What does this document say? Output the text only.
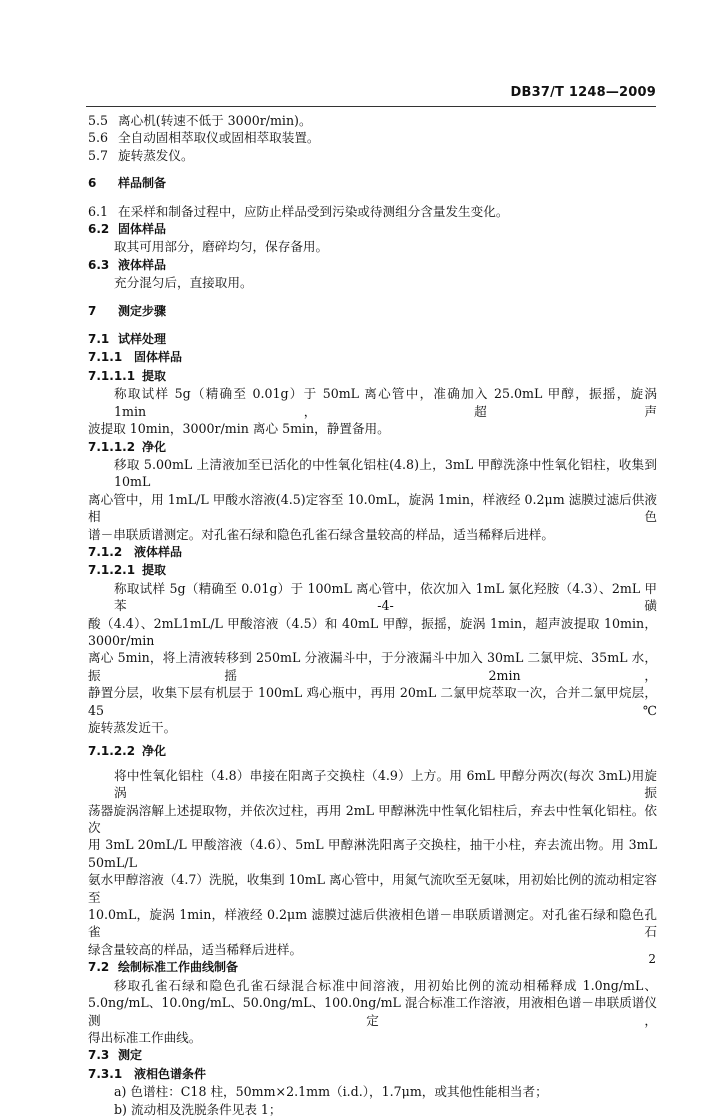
DB37/T 1248—2009
5.5 离心机(转速不低于 3000r/min)。
5.6 全自动固相萃取仪或固相萃取装置。
5.7 旋转蒸发仪。
6 样品制备
6.1 在采样和制备过程中，应防止样品受到污染或待测组分含量发生变化。
6.2 固体样品
取其可用部分，磨碎均匀，保存备用。
6.3 液体样品
充分混匀后，直接取用。
7 测定步骤
7.1 试样处理
7.1.1 固体样品
7.1.1.1 提取
称取试样 5g（精确至 0.01g）于 50mL 离心管中，准确加入 25.0mL 甲醇，振摇，旋涡 1min，超声
波提取 10min，3000r/min 离心 5min，静置备用。
7.1.1.2 净化
移取 5.00mL 上清液加至已活化的中性氧化铝柱(4.8)上，3mL 甲醇洗涤中性氧化铝柱，收集到 10mL
离心管中，用 1mL/L 甲酸水溶液(4.5)定容至 10.0mL，旋涡 1min，样液经 0.2μm 滤膜过滤后供液相色
谱－串联质谱测定。对孔雀石绿和隐色孔雀石绿含量较高的样品，适当稀释后进样。
7.1.2 液体样品
7.1.2.1 提取
称取试样 5g（精确至 0.01g）于 100mL 离心管中，依次加入 1mL 氯化羟胺（4.3）、2mL 甲苯-4-磺
酸（4.4）、2mL1mL/L 甲酸溶液（4.5）和 40mL 甲醇，振摇，旋涡 1min，超声波提取 10min，3000r/min
离心 5min，将上清液转移到 250mL 分液漏斗中，于分液漏斗中加入 30mL 二氯甲烷、35mL 水，振摇 2min，
静置分层，收集下层有机层于 100mL 鸡心瓶中，再用 20mL 二氯甲烷萃取一次，合并二氯甲烷层，45℃
旋转蒸发近干。
7.1.2.2 净化
将中性氧化铝柱（4.8）串接在阳离子交换柱（4.9）上方。用 6mL 甲醇分两次(每次 3mL)用旋涡振
荡器旋涡溶解上述提取物，并依次过柱，再用 2mL 甲醇淋洗中性氧化铝柱后，弃去中性氧化铝柱。依次
用 3mL 20mL/L 甲酸溶液（4.6）、5mL 甲醇淋洗阳离子交换柱，抽干小柱，弃去流出物。用 3mL 50mL/L
氨水甲醇溶液（4.7）洗脱，收集到 10mL 离心管中，用氮气流吹至无氨味，用初始比例的流动相定容至
10.0mL，旋涡 1min，样液经 0.2μm 滤膜过滤后供液相色谱－串联质谱测定。对孔雀石绿和隐色孔雀石
绿含量较高的样品，适当稀释后进样。
7.2 绘制标准工作曲线制备
移取孔雀石绿和隐色孔雀石绿混合标准中间溶液，用初始比例的流动相稀释成 1.0ng/mL、
5.0ng/mL、10.0ng/mL、50.0ng/mL、100.0ng/mL 混合标准工作溶液，用液相色谱－串联质谱仪测定，
得出标准工作曲线。
7.3 测定
7.3.1 液相色谱条件
a) 色谱柱：C18 柱，50mm×2.1mm（i.d.），1.7μm，或其他性能相当者；
b) 流动相及洗脱条件见表 1；
2
